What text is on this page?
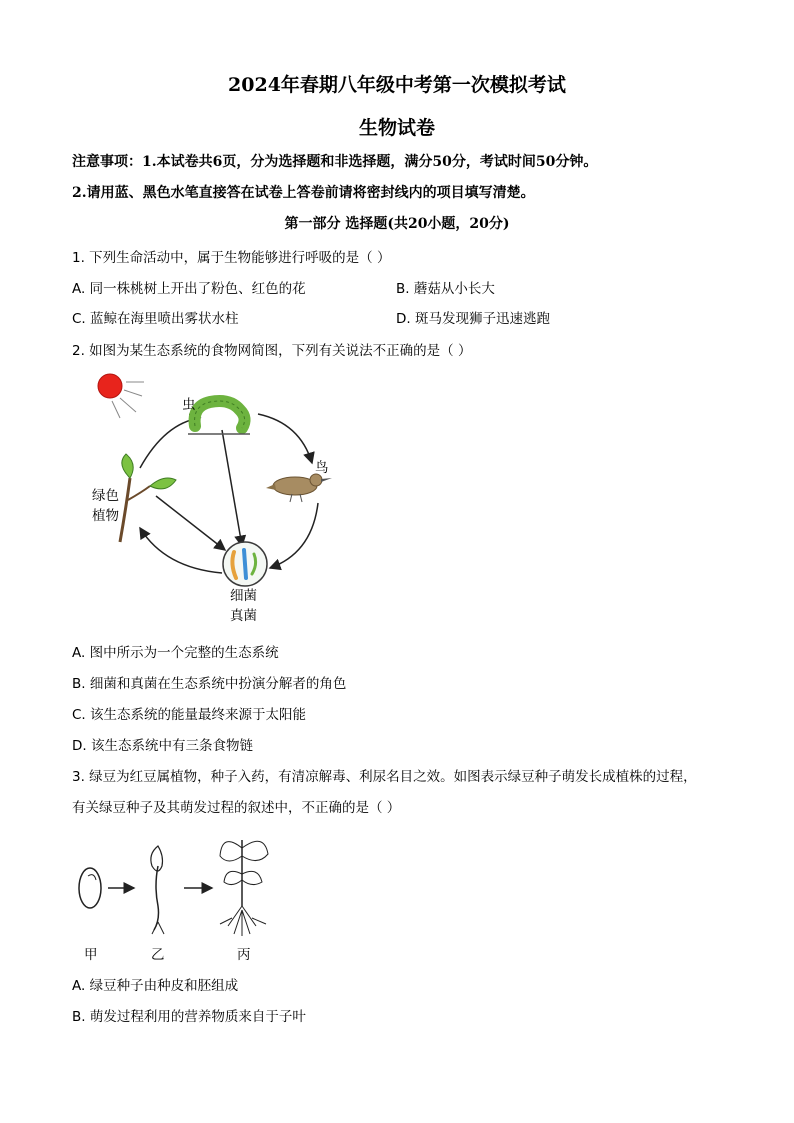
2024年春期八年级中考第一次模拟考试
生物试卷
注意事项：1.本试卷共6页，分为选择题和非选择题，满分50分，考试时间50分钟。
2.请用蓝、黑色水笔直接答在试卷上答卷前请将密封线内的项目填写清楚。
第一部分 选择题(共20小题，20分)
1. 下列生命活动中，属于生物能够进行呼吸的是（ ）
A. 同一株桃树上开出了粉色、红色的花	B. 蘑菇从小长大
C. 蓝鲸在海里喷出雾状水柱	D. 斑马发现狮子迅速逃跑
2. 如图为某生态系统的食物网简图，下列有关说法不正确的是（ ）
虫
鸟
绿色
植物
细菌
真菌
A. 图中所示为一个完整的生态系统
B. 细菌和真菌在生态系统中扮演分解者的角色
C. 该生态系统的能量最终来源于太阳能
D. 该生态系统中有三条食物链
3. 绿豆为红豆属植物，种子入药，有清凉解毒、利尿名目之效。如图表示绿豆种子萌发长成植株的过程，
有关绿豆种子及其萌发过程的叙述中，不正确的是（ ）
甲	乙	丙
A. 绿豆种子由种皮和胚组成
B. 萌发过程利用的营养物质来自于子叶
